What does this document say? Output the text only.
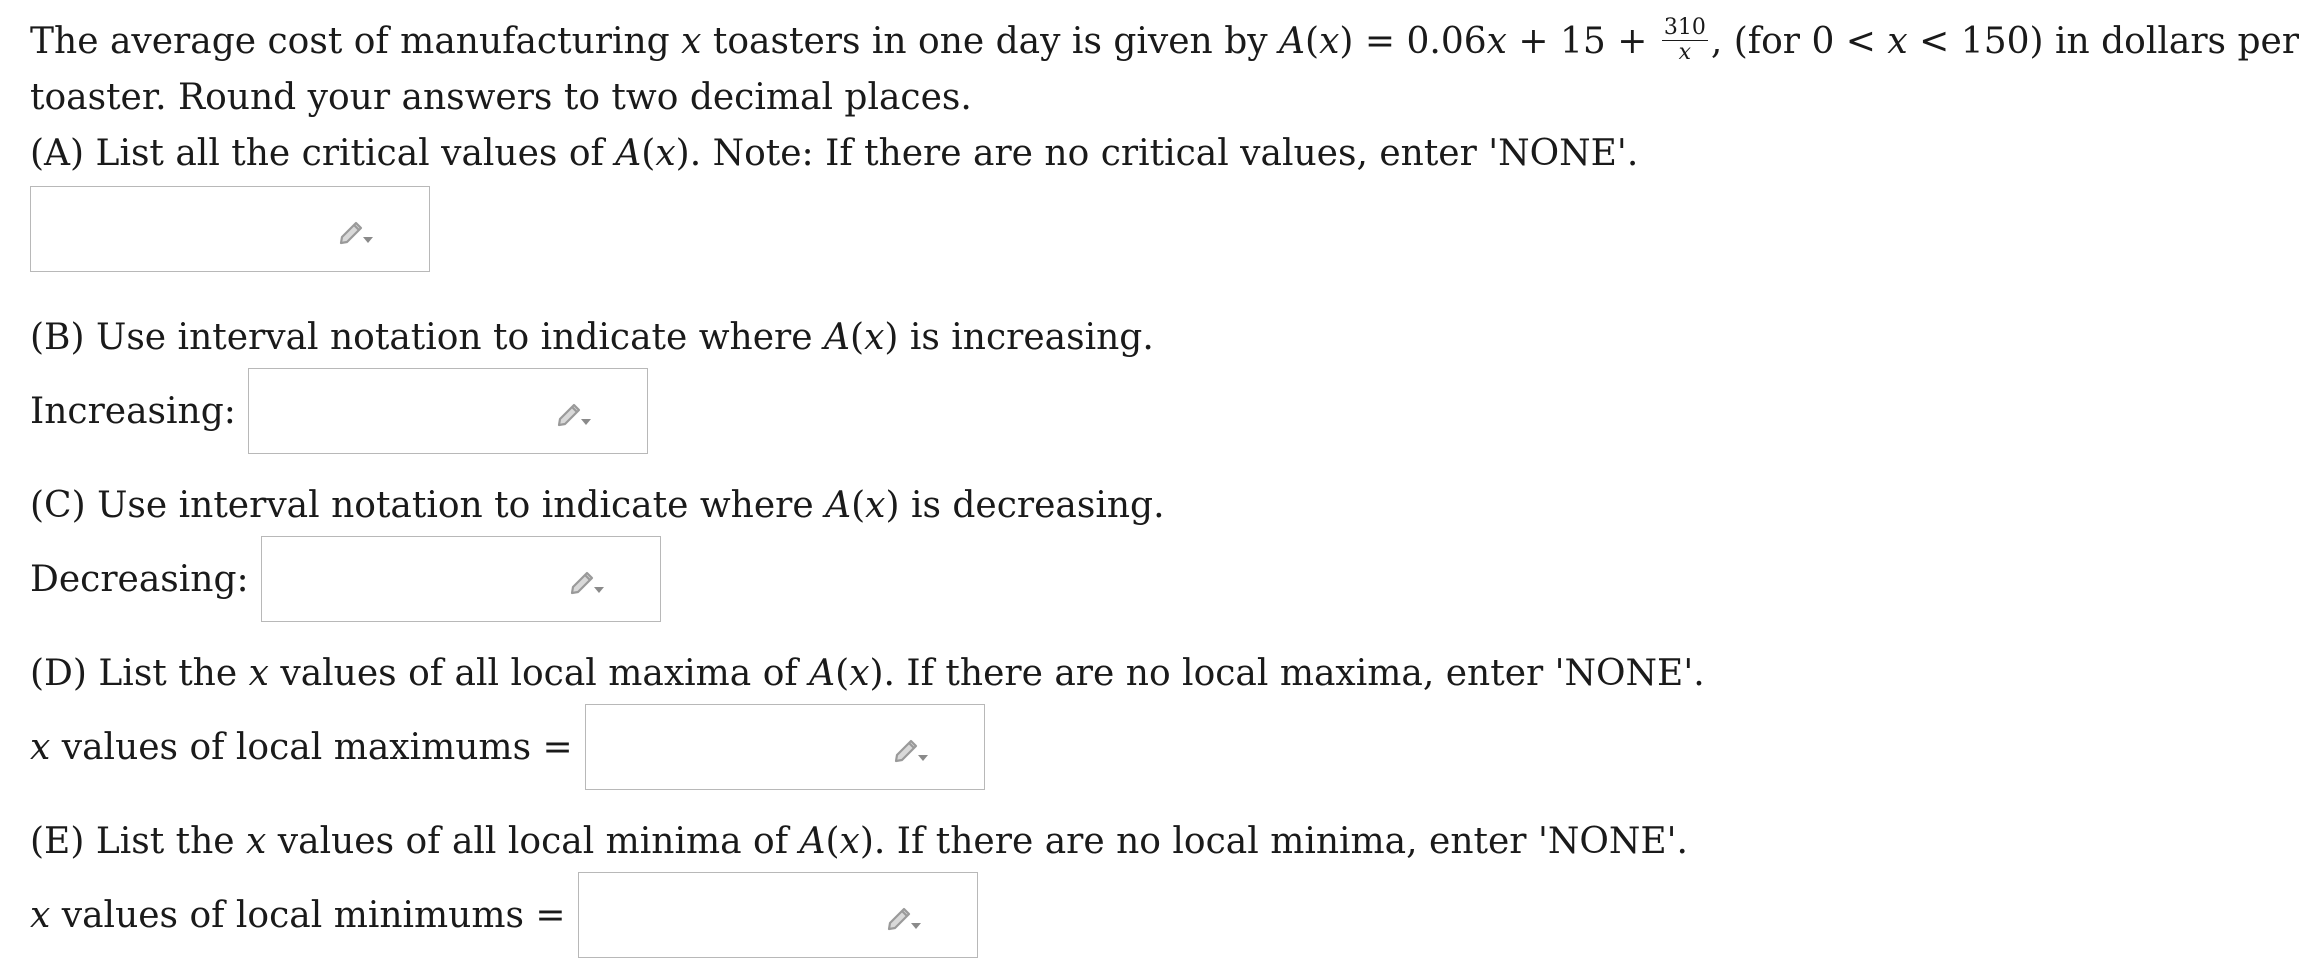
The average cost of manufacturing x toasters in one day is given by $A(x) = 0.06x + 15 + \frac{310}{x}$ , (for 0 < x < 150) in dollars per
toaster. Round your answers to two decimal places.
(A) List all the critical values of A(x). Note: If there are no critical values, enter 'NONE'.
(B) Use interval notation to indicate where A(x) is increasing.
Increasing:
(C) Use interval notation to indicate where A(x) is decreasing.
Decreasing:
(D) List the x values of all local maxima of A(x). If there are no local maxima, enter 'NONE'.
x values of local maximums =
(E) List the x values of all local minima of A(x). If there are no local minima, enter 'NONE'.
x values of local minimums =
